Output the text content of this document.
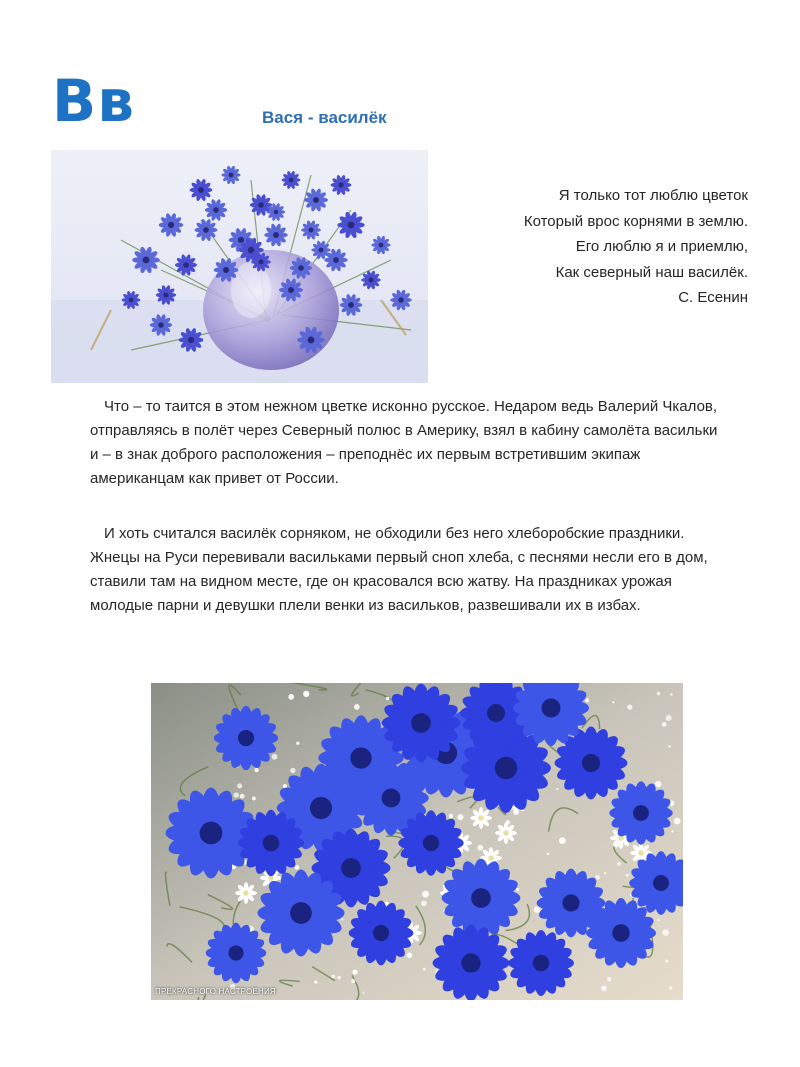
Вв	Вася - василёк
Я только тот люблю цветок
Который врос корнями в землю.
Его люблю я и приемлю,
Как северный наш василёк.
С. Есенин

Что – то таится в этом нежном цветке исконно русское. Недаром ведь Валерий Чкалов, отправляясь в полёт через Северный полюс в Америку, взял в кабину самолёта васильки и – в знак доброго расположения – преподнёс их первым встретившим экипаж американцам как привет от России.

И хоть считался василёк сорняком, не обходили без него хлеборобские праздники. Жнецы на Руси перевивали васильками первый сноп хлеба, с песнями несли его в дом, ставили там на видном месте, где он красовался всю жатву. На праздниках урожая молодые парни и девушки плели венки из васильков, развешивали их в избах.

ПРЕКРАСНОГО НАСТРОЕНИЯ
